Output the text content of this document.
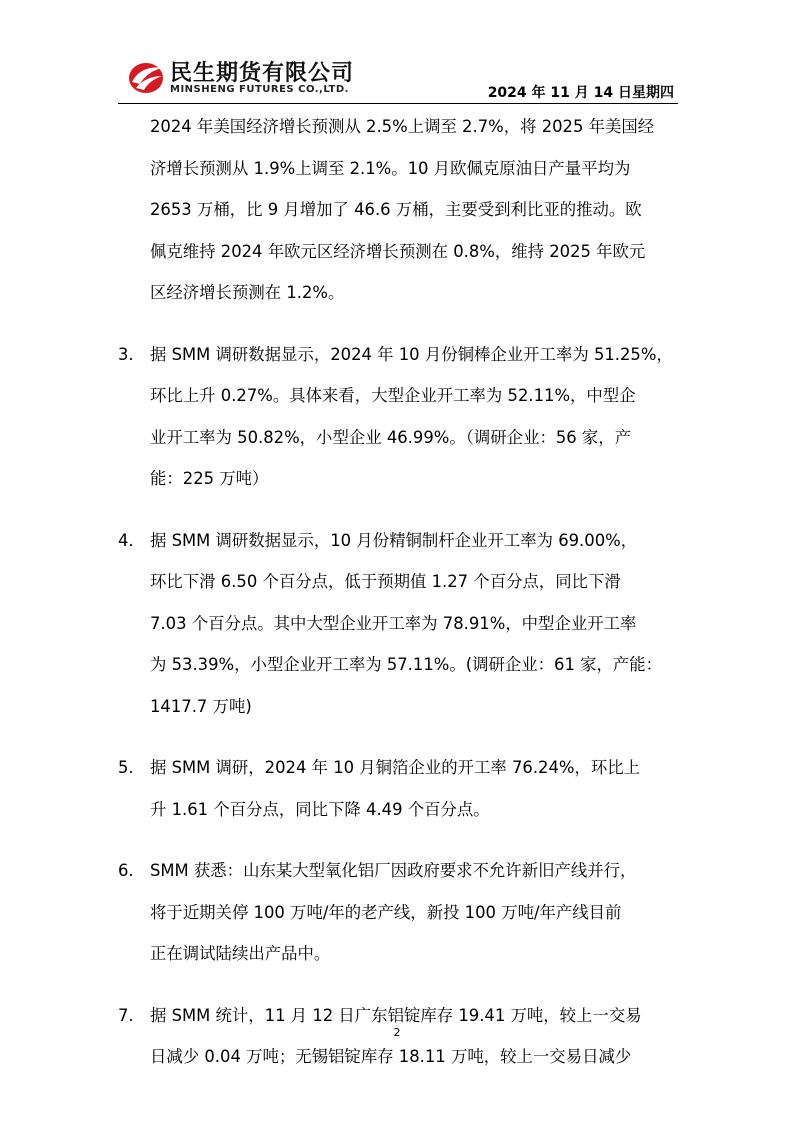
民生期货有限公司
MINSHENG FUTURES CO.,LTD.	2024 年 11 月 14 日星期四
2024 年美国经济增长预测从 2.5%上调至 2.7%，将 2025 年美国经
济增长预测从 1.9%上调至 2.1%。10 月欧佩克原油日产量平均为
2653 万桶，比 9 月增加了 46.6 万桶，主要受到利比亚的推动。欧
佩克维持 2024 年欧元区经济增长预测在 0.8%，维持 2025 年欧元
区经济增长预测在 1.2%。
3. 据 SMM 调研数据显示，2024 年 10 月份铜棒企业开工率为 51.25%，
环比上升 0.27%。具体来看，大型企业开工率为 52.11%，中型企
业开工率为 50.82%，小型企业 46.99%。（调研企业：56 家，产
能：225 万吨）
4. 据 SMM 调研数据显示，10 月份精铜制杆企业开工率为 69.00%，
环比下滑 6.50 个百分点，低于预期值 1.27 个百分点，同比下滑
7.03 个百分点。其中大型企业开工率为 78.91%，中型企业开工率
为 53.39%，小型企业开工率为 57.11%。(调研企业：61 家，产能：
1417.7 万吨)
5. 据 SMM 调研，2024 年 10 月铜箔企业的开工率 76.24%，环比上
升 1.61 个百分点，同比下降 4.49 个百分点。
6. SMM 获悉：山东某大型氧化铝厂因政府要求不允许新旧产线并行，
将于近期关停 100 万吨/年的老产线，新投 100 万吨/年产线目前
正在调试陆续出产品中。
7. 据 SMM 统计，11 月 12 日广东铝锭库存 19.41 万吨，较上一交易
日减少 0.04 万吨；无锡铝锭库存 18.11 万吨，较上一交易日减少
2
